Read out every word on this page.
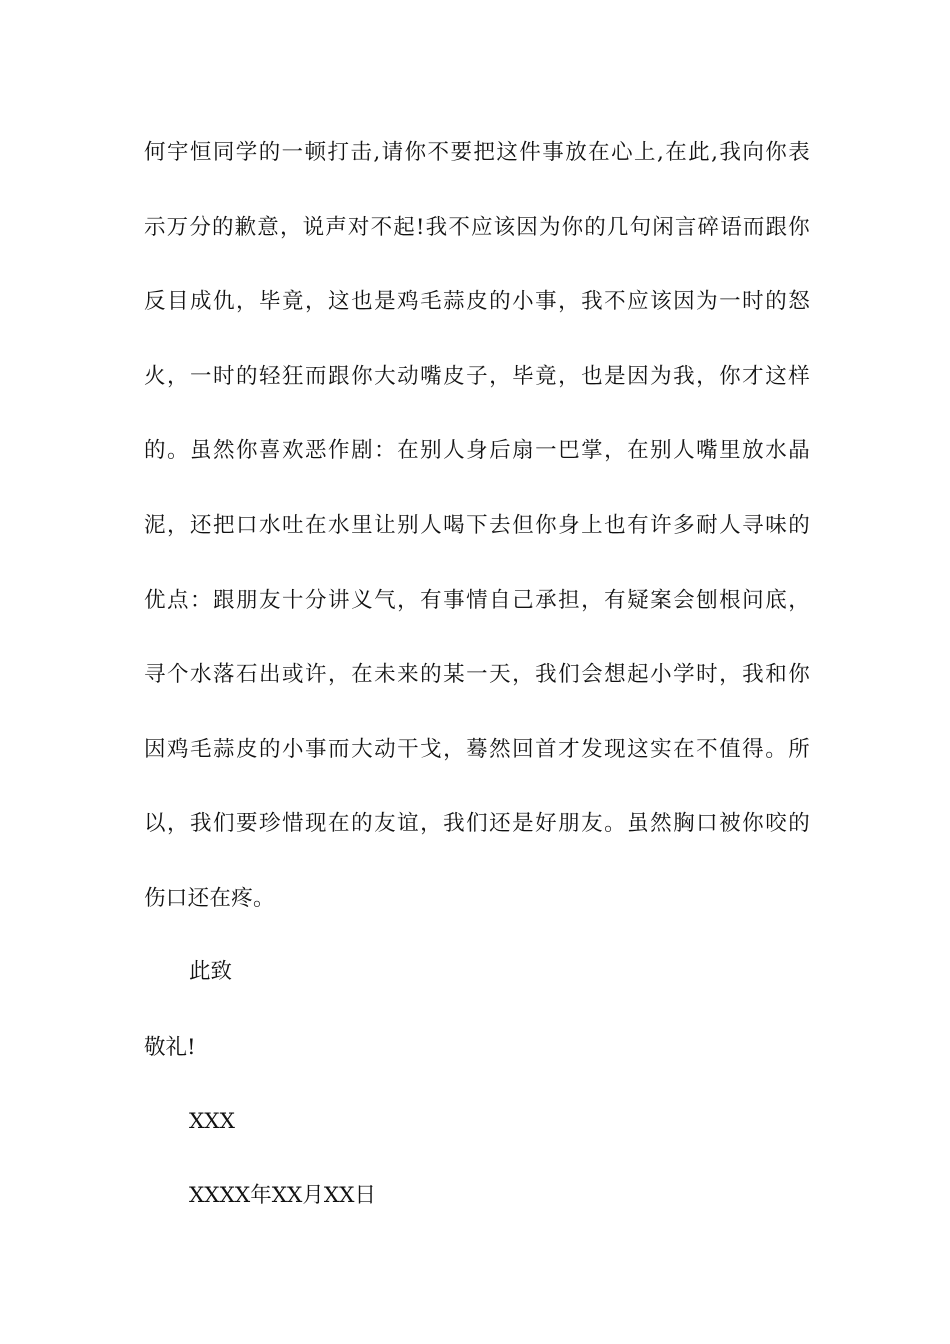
何宇恒同学的一顿打击,请你不要把这件事放在心上,在此,我向你表
示万分的歉意，说声对不起!我不应该因为你的几句闲言碎语而跟你
反目成仇，毕竟，这也是鸡毛蒜皮的小事，我不应该因为一时的怒
火，一时的轻狂而跟你大动嘴皮子，毕竟，也是因为我，你才这样
的。虽然你喜欢恶作剧：在别人身后扇一巴掌，在别人嘴里放水晶
泥，还把口水吐在水里让别人喝下去但你身上也有许多耐人寻味的
优点：跟朋友十分讲义气，有事情自己承担，有疑案会刨根问底，
寻个水落石出或许，在未来的某一天，我们会想起小学时，我和你
因鸡毛蒜皮的小事而大动干戈，蓦然回首才发现这实在不值得。所
以，我们要珍惜现在的友谊，我们还是好朋友。虽然胸口被你咬的
伤口还在疼。
此致
敬礼!
XXX
XXXX年XX月XX日
